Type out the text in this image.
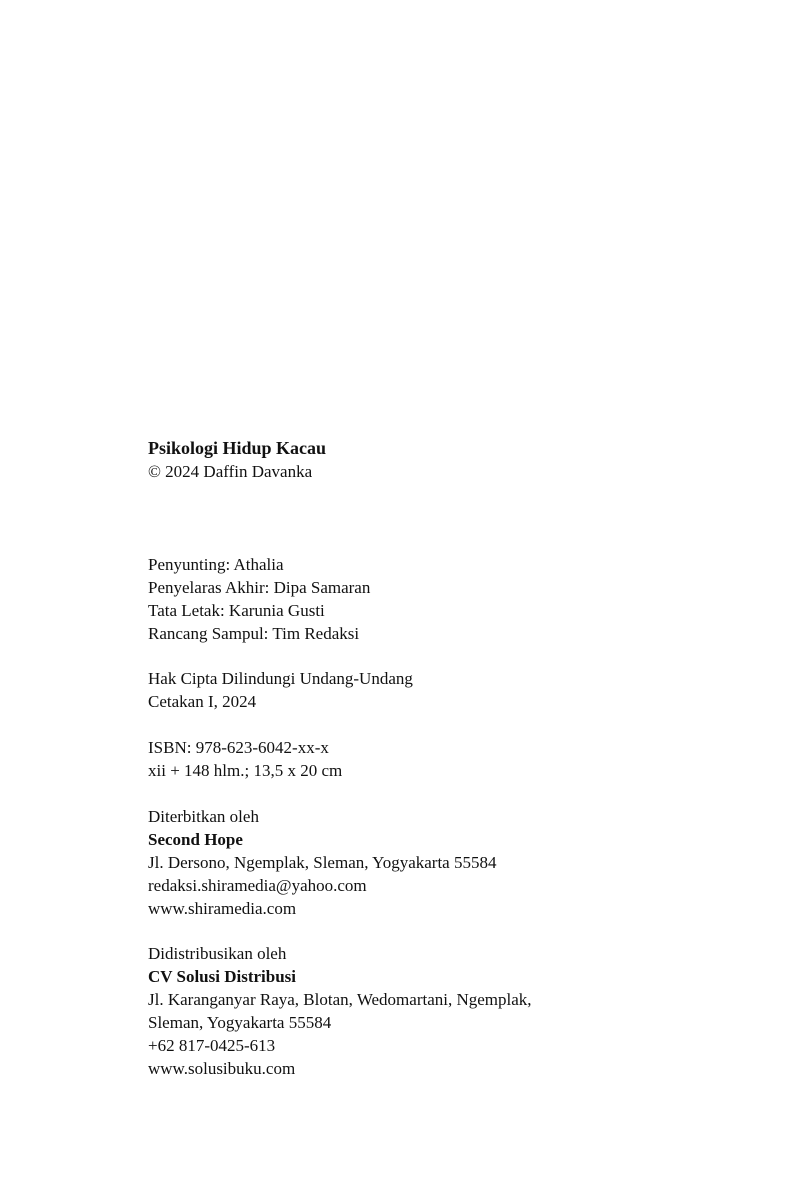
Psikologi Hidup Kacau
© 2024 Daffin Davanka
Penyunting: Athalia
Penyelaras Akhir: Dipa Samaran
Tata Letak: Karunia Gusti
Rancang Sampul: Tim Redaksi
Hak Cipta Dilindungi Undang-Undang
Cetakan I, 2024
ISBN: 978-623-6042-xx-x
xii + 148 hlm.; 13,5 x 20 cm
Diterbitkan oleh
Second Hope
Jl. Dersono, Ngemplak, Sleman, Yogyakarta 55584
redaksi.shiramedia@yahoo.com
www.shiramedia.com
Didistribusikan oleh
CV Solusi Distribusi
Jl. Karanganyar Raya, Blotan, Wedomartani, Ngemplak,
Sleman, Yogyakarta 55584
+62 817-0425-613
www.solusibuku.com
